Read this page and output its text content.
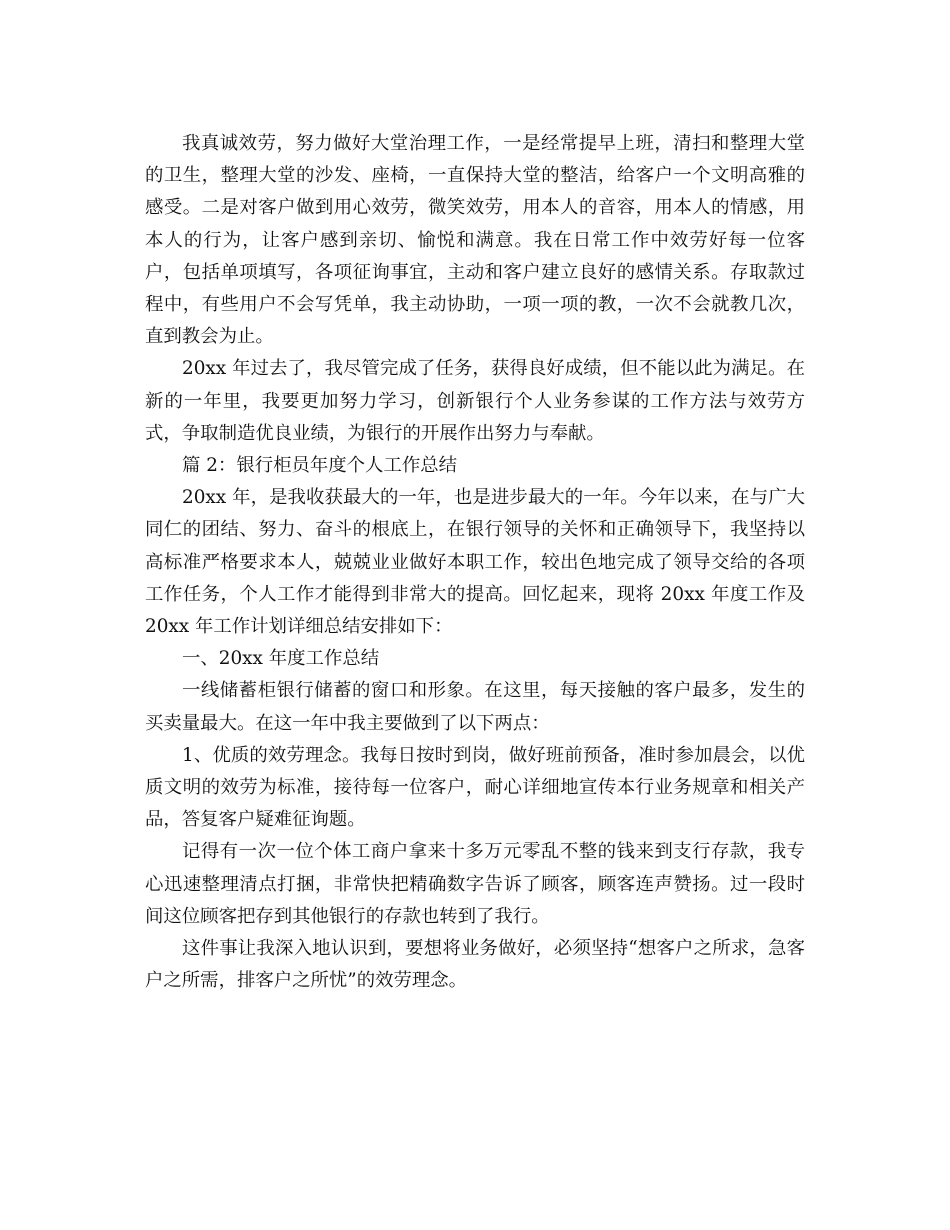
我真诚效劳，努力做好大堂治理工作，一是经常提早上班，清扫和整理大堂的卫生，整理大堂的沙发、座椅，一直保持大堂的整洁，给客户一个文明高雅的感受。二是对客户做到用心效劳，微笑效劳，用本人的音容，用本人的情感，用本人的行为，让客户感到亲切、愉悦和满意。我在日常工作中效劳好每一位客户，包括单项填写，各项征询事宜，主动和客户建立良好的感情关系。存取款过程中，有些用户不会写凭单，我主动协助，一项一项的教，一次不会就教几次，直到教会为止。

20xx 年过去了，我尽管完成了任务，获得良好成绩，但不能以此为满足。在新的一年里，我要更加努力学习，创新银行个人业务参谋的工作方法与效劳方式，争取制造优良业绩，为银行的开展作出努力与奉献。

篇 2：银行柜员年度个人工作总结

20xx 年，是我收获最大的一年，也是进步最大的一年。今年以来，在与广大同仁的团结、努力、奋斗的根底上，在银行领导的关怀和正确领导下，我坚持以高标准严格要求本人，兢兢业业做好本职工作，较出色地完成了领导交给的各项工作任务，个人工作才能得到非常大的提高。回忆起来，现将 20xx 年度工作及 20xx 年工作计划详细总结安排如下：

一、20xx 年度工作总结

一线储蓄柜银行储蓄的窗口和形象。在这里，每天接触的客户最多，发生的买卖量最大。在这一年中我主要做到了以下两点：

1、优质的效劳理念。我每日按时到岗，做好班前预备，准时参加晨会，以优质文明的效劳为标准，接待每一位客户，耐心详细地宣传本行业务规章和相关产品，答复客户疑难征询题。

记得有一次一位个体工商户拿来十多万元零乱不整的钱来到支行存款，我专心迅速整理清点打捆，非常快把精确数字告诉了顾客，顾客连声赞扬。过一段时间这位顾客把存到其他银行的存款也转到了我行。

这件事让我深入地认识到，要想将业务做好，必须坚持“想客户之所求，急客户之所需，排客户之所忧”的效劳理念。
